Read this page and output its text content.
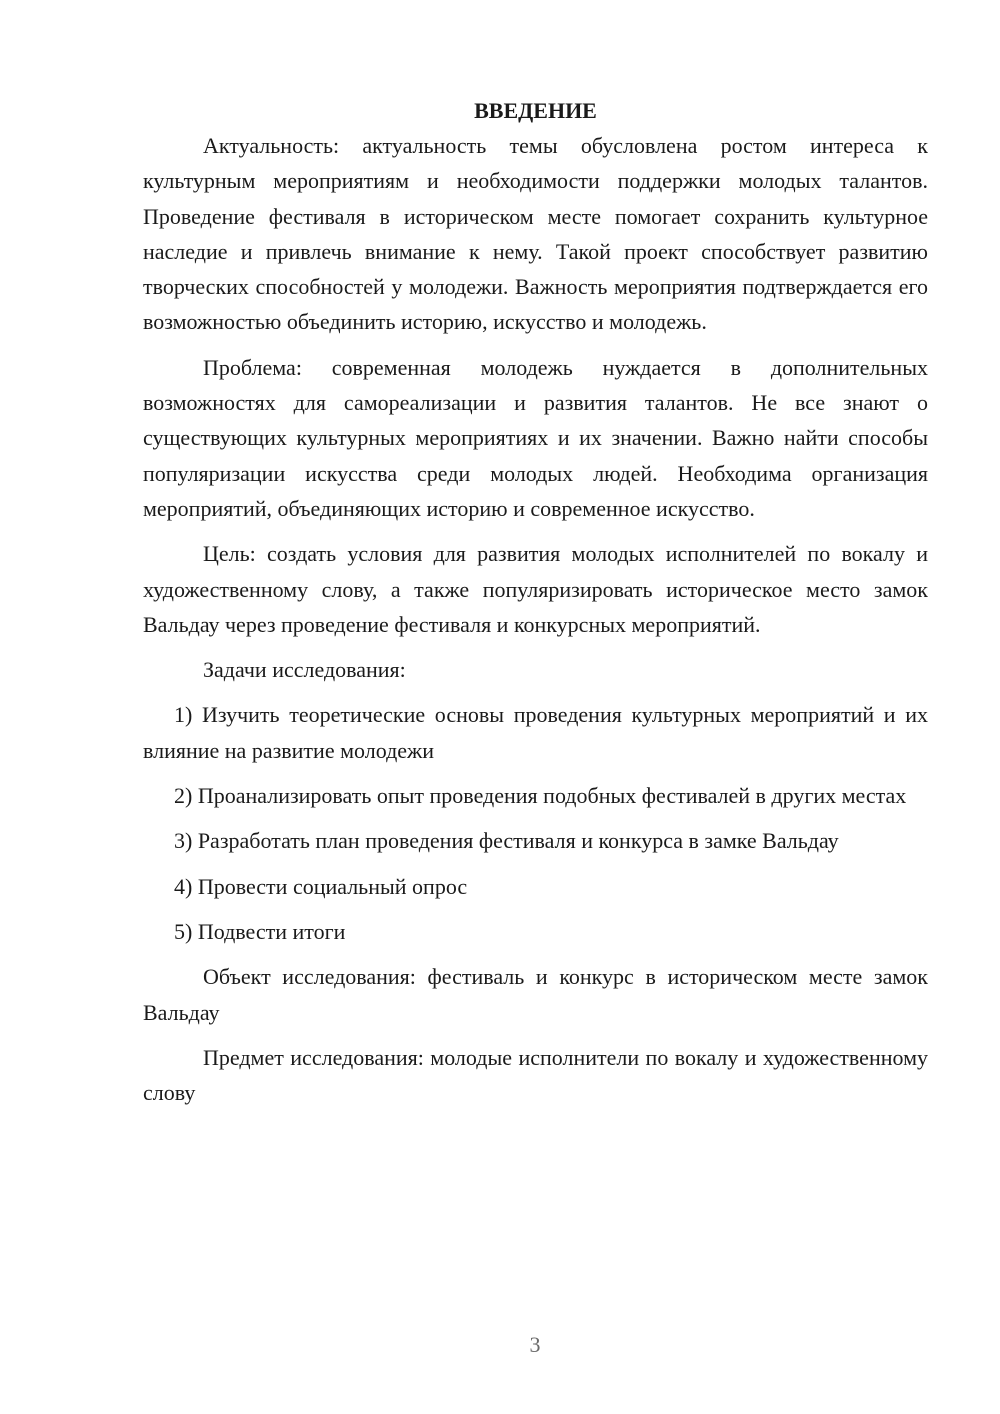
ВВЕДЕНИЕ

Актуальность: актуальность темы обусловлена ростом интереса к культурным мероприятиям и необходимости поддержки молодых талантов. Проведение фестиваля в историческом месте помогает сохранить культурное наследие и привлечь внимание к нему. Такой проект способствует развитию творческих способностей у молодежи. Важность мероприятия подтверждается его возможностью объединить историю, искусство и молодежь.

Проблема: современная молодежь нуждается в дополнительных возможностях для самореализации и развития талантов. Не все знают о существующих культурных мероприятиях и их значении. Важно найти способы популяризации искусства среди молодых людей. Необходима организация мероприятий, объединяющих историю и современное искусство.

Цель: создать условия для развития молодых исполнителей по вокалу и художественному слову, а также популяризировать историческое место замок Вальдау через проведение фестиваля и конкурсных мероприятий.

Задачи исследования:

1) Изучить теоретические основы проведения культурных мероприятий и их влияние на развитие молодежи

2) Проанализировать опыт проведения подобных фестивалей в других местах

3) Разработать план проведения фестиваля и конкурса в замке Вальдау

4) Провести социальный опрос

5) Подвести итоги

Объект исследования: фестиваль и конкурс в историческом месте замок Вальдау

Предмет исследования: молодые исполнители по вокалу и художественному слову

3
